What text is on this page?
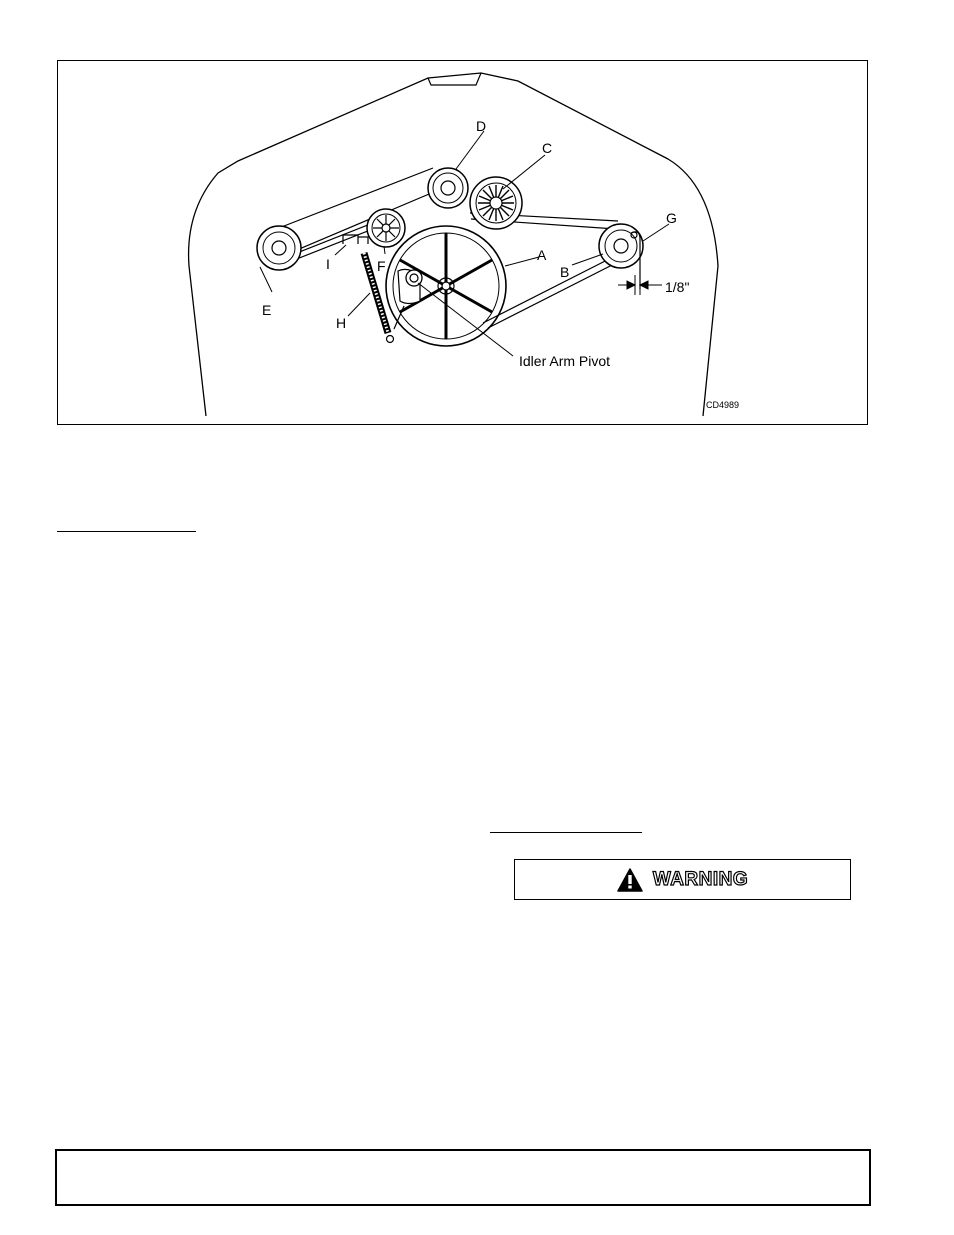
D
C
A
B
G
E
I	F
H
Idler Arm Pivot
1/8"
CD4989
WARNING
